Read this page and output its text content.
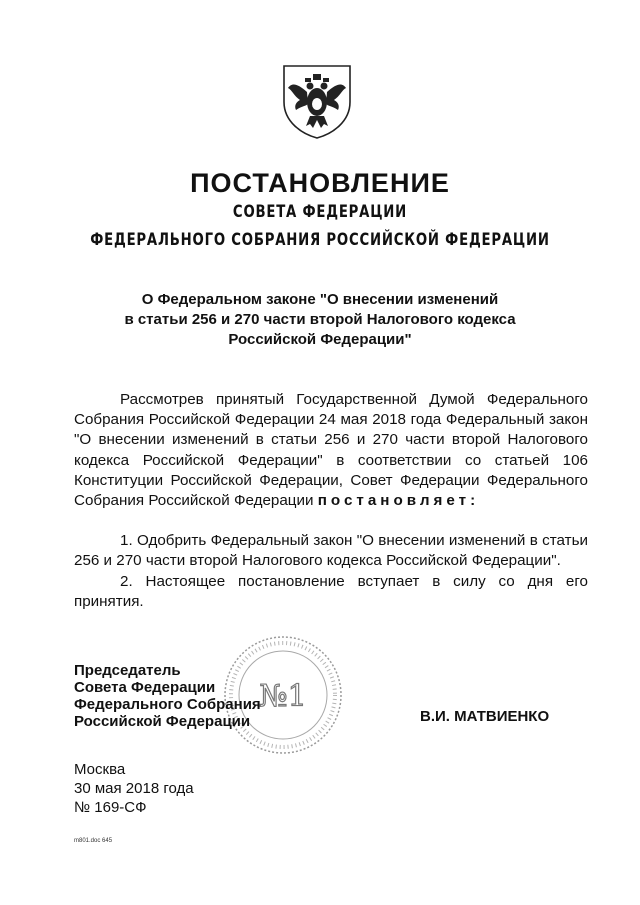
ПОСТАНОВЛЕНИЕ
СОВЕТА ФЕДЕРАЦИИ
ФЕДЕРАЛЬНОГО СОБРАНИЯ РОССИЙСКОЙ ФЕДЕРАЦИИ
О Федеральном законе "О внесении изменений
в статьи 256 и 270 части второй Налогового кодекса
Российской Федерации"
Рассмотрев принятый Государственной Думой Федерального Собрания Российской Федерации 24 мая 2018 года Федеральный закон "О внесении изменений в статьи 256 и 270 части второй Налогового кодекса Российской Федерации" в соответствии со статьей 106 Конституции Российской Федерации, Совет Федерации Федерального Собрания Российской Федерации постановляет:
1. Одобрить Федеральный закон "О внесении изменений в статьи 256 и 270 части второй Налогового кодекса Российской Федерации".
2. Настоящее постановление вступает в силу со дня его принятия.
№1
Председатель
Совета Федерации
Федерального Собрания
Российской Федерации	В.И. МАТВИЕНКО
Москва
30 мая 2018 года
№ 169-СФ
m801.doc 645
